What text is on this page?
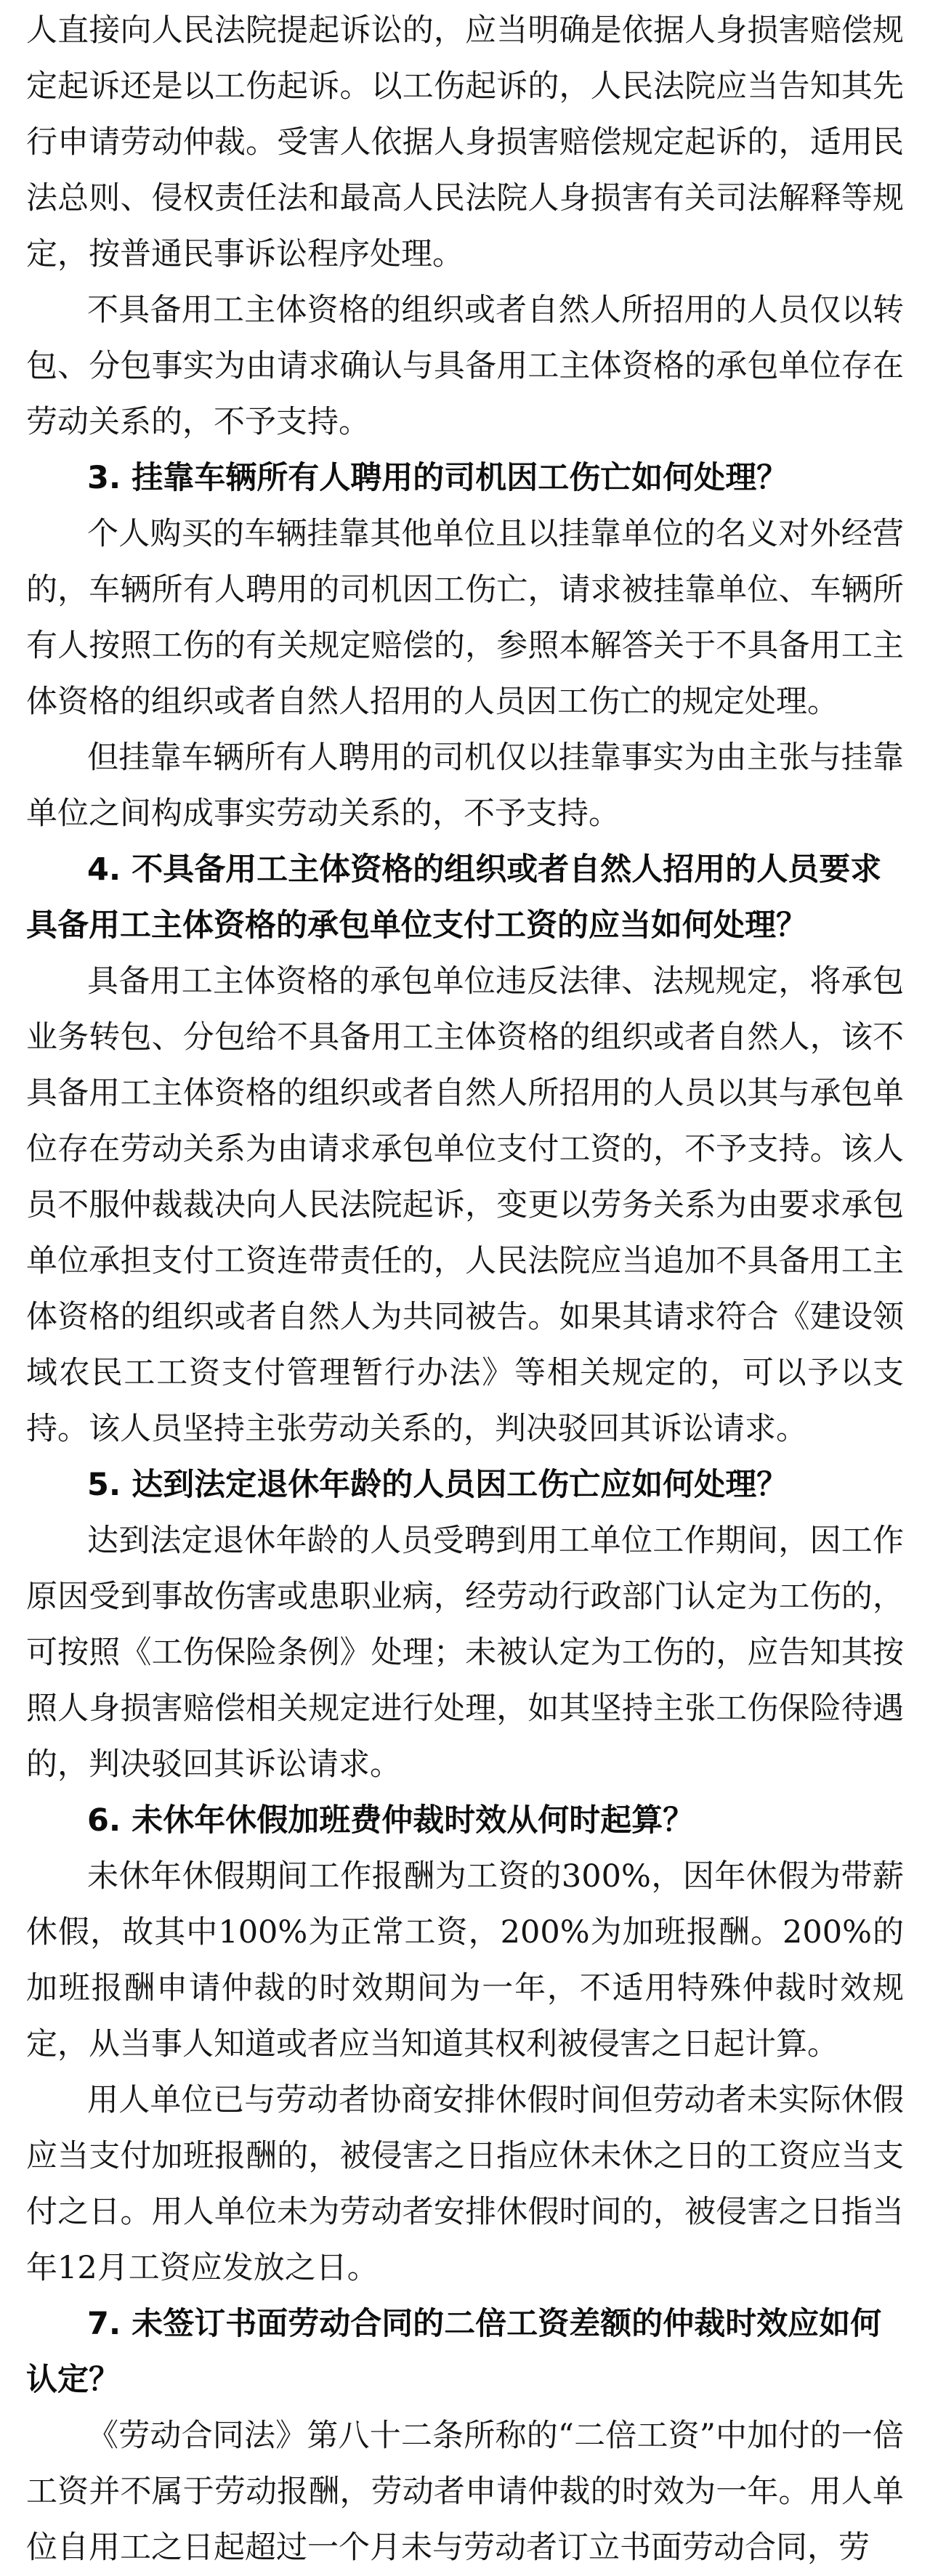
人直接向人民法院提起诉讼的，应当明确是依据人身损害赔偿规定起诉还是以工伤起诉。以工伤起诉的，人民法院应当告知其先行申请劳动仲裁。受害人依据人身损害赔偿规定起诉的，适用民法总则、侵权责任法和最高人民法院人身损害有关司法解释等规定，按普通民事诉讼程序处理。

不具备用工主体资格的组织或者自然人所招用的人员仅以转包、分包事实为由请求确认与具备用工主体资格的承包单位存在劳动关系的，不予支持。

3. 挂靠车辆所有人聘用的司机因工伤亡如何处理？

个人购买的车辆挂靠其他单位且以挂靠单位的名义对外经营的，车辆所有人聘用的司机因工伤亡，请求被挂靠单位、车辆所有人按照工伤的有关规定赔偿的，参照本解答关于不具备用工主体资格的组织或者自然人招用的人员因工伤亡的规定处理。

但挂靠车辆所有人聘用的司机仅以挂靠事实为由主张与挂靠单位之间构成事实劳动关系的，不予支持。

4. 不具备用工主体资格的组织或者自然人招用的人员要求具备用工主体资格的承包单位支付工资的应当如何处理？

具备用工主体资格的承包单位违反法律、法规规定，将承包业务转包、分包给不具备用工主体资格的组织或者自然人，该不具备用工主体资格的组织或者自然人所招用的人员以其与承包单位存在劳动关系为由请求承包单位支付工资的，不予支持。该人员不服仲裁裁决向人民法院起诉，变更以劳务关系为由要求承包单位承担支付工资连带责任的，人民法院应当追加不具备用工主体资格的组织或者自然人为共同被告。如果其请求符合《建设领域农民工工资支付管理暂行办法》等相关规定的，可以予以支持。该人员坚持主张劳动关系的，判决驳回其诉讼请求。

5. 达到法定退休年龄的人员因工伤亡应如何处理？

达到法定退休年龄的人员受聘到用工单位工作期间，因工作原因受到事故伤害或患职业病，经劳动行政部门认定为工伤的，可按照《工伤保险条例》处理；未被认定为工伤的，应告知其按照人身损害赔偿相关规定进行处理，如其坚持主张工伤保险待遇的，判决驳回其诉讼请求。

6. 未休年休假加班费仲裁时效从何时起算？

未休年休假期间工作报酬为工资的300%，因年休假为带薪休假，故其中100%为正常工资，200%为加班报酬。200%的加班报酬申请仲裁的时效期间为一年，不适用特殊仲裁时效规定，从当事人知道或者应当知道其权利被侵害之日起计算。

用人单位已与劳动者协商安排休假时间但劳动者未实际休假应当支付加班报酬的，被侵害之日指应休未休之日的工资应当支付之日。用人单位未为劳动者安排休假时间的，被侵害之日指当年12月工资应发放之日。

7. 未签订书面劳动合同的二倍工资差额的仲裁时效应如何认定？

《劳动合同法》第八十二条所称的“二倍工资”中加付的一倍工资并不属于劳动报酬，劳动者申请仲裁的时效为一年。用人单位自用工之日起超过一个月未与劳动者订立书面劳动合同，劳
